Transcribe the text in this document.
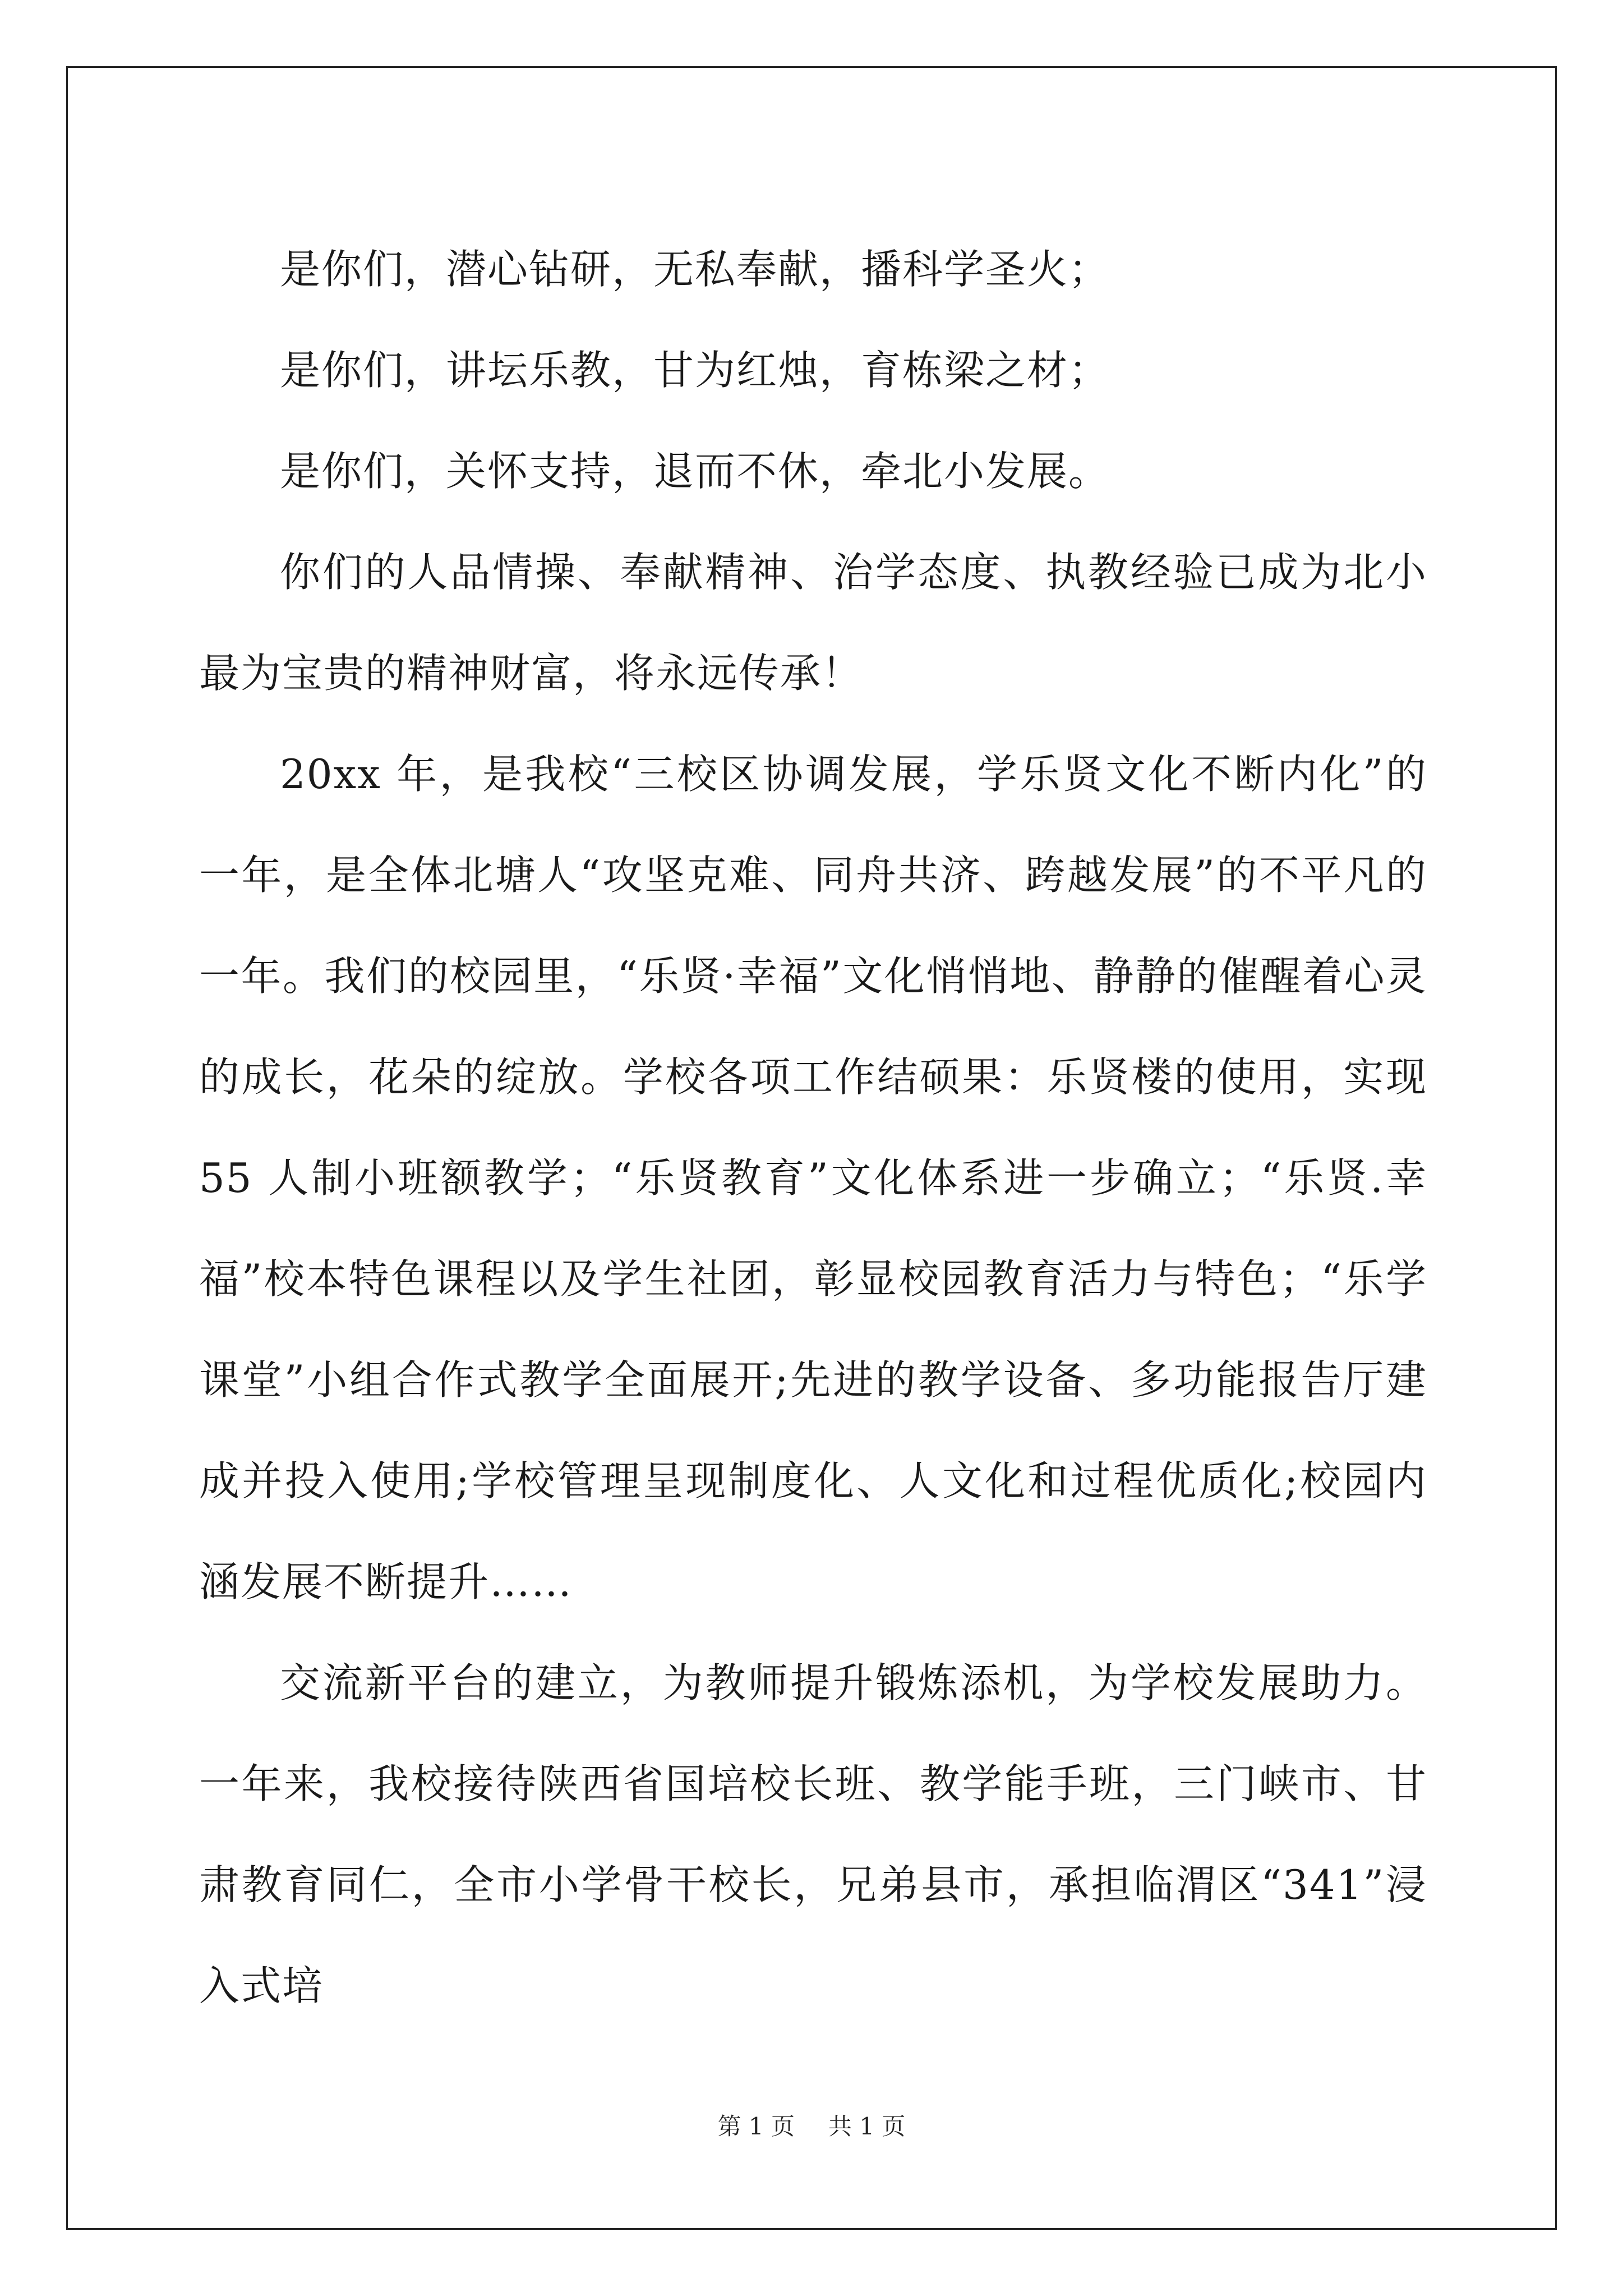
是你们，潜心钻研，无私奉献，播科学圣火；

是你们，讲坛乐教，甘为红烛，育栋梁之材；

是你们，关怀支持，退而不休，牵北小发展。

你们的人品情操、奉献精神、治学态度、执教经验已成为北小最为宝贵的精神财富，将永远传承！

20xx 年，是我校“三校区协调发展，学乐贤文化不断内化”的一年，是全体北塘人“攻坚克难、同舟共济、跨越发展”的不平凡的一年。我们的校园里，“乐贤·幸福”文化悄悄地、静静的催醒着心灵的成长，花朵的绽放。学校各项工作结硕果：乐贤楼的使用，实现 55 人制小班额教学；“乐贤教育”文化体系进一步确立；“乐贤.幸福”校本特色课程以及学生社团，彰显校园教育活力与特色；“乐学课堂”小组合作式教学全面展开;先进的教学设备、多功能报告厅建成并投入使用;学校管理呈现制度化、人文化和过程优质化;校园内涵发展不断提升……

交流新平台的建立，为教师提升锻炼添机，为学校发展助力。一年来，我校接待陕西省国培校长班、教学能手班，三门峡市、甘肃教育同仁，全市小学骨干校长，兄弟县市，承担临渭区“341”浸入式培

第 1 页 共 1 页
